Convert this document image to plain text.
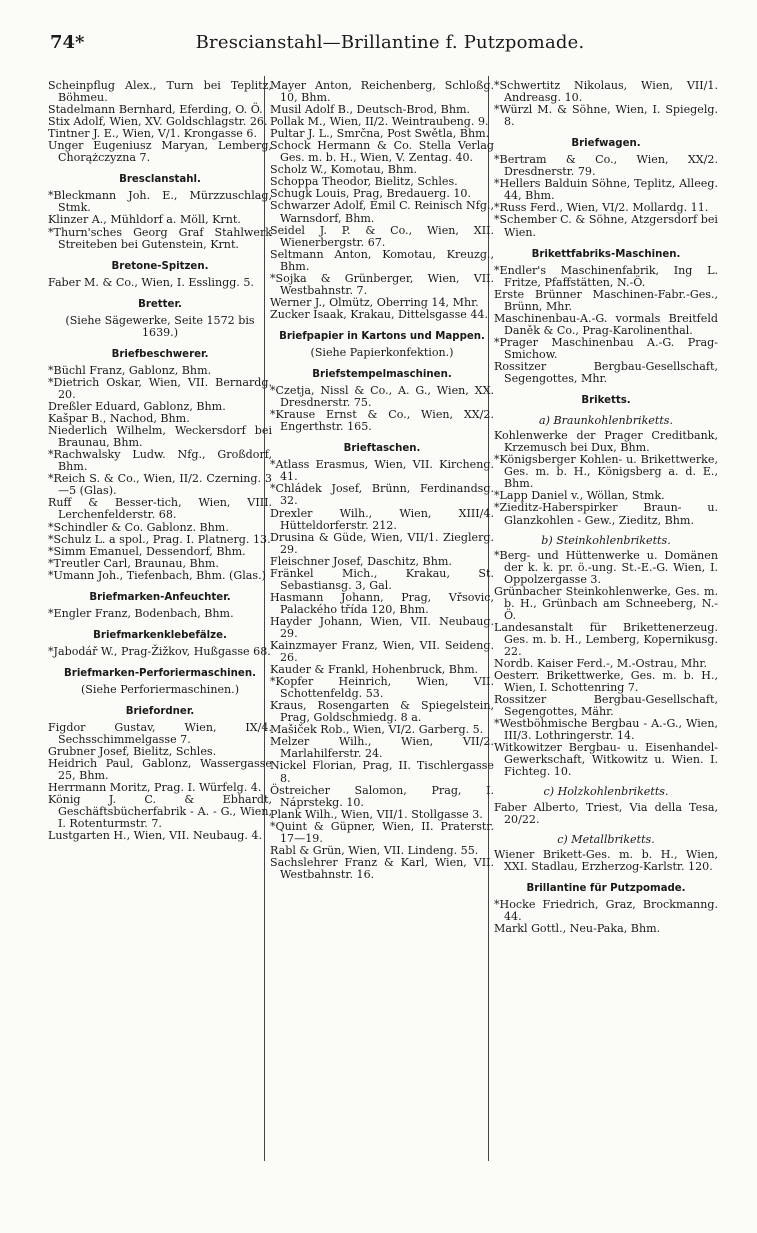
74*	Brescianstahl—Brillantine f. Putzpomade.
Scheinpflug Alex., Turn bei Teplitz, Böhmeu.
Stadelmann Bernhard, Eferding, O. Ö.
Stix Adolf, Wien, XV. Goldschlagstr. 26.
Tintner J. E., Wien, V/1. Krongasse 6.
Unger Eugeniusz Maryan, Lemberg, Chorążczyzna 7.
Bresclanstahl.
*Bleckmann Joh. E., Mürzzuschlag, Stmk.
Klinzer A., Mühldorf a. Möll, Krnt.
*Thurn'sches Georg Graf Stahlwerk Streiteben bei Gutenstein, Krnt.
Bretone-Spitzen.
Faber M. & Co., Wien, I. Esslingg. 5.
Bretter.
(Siehe Sägewerke, Seite 1572 bis 1639.)
Briefbeschwerer.
*Büchl Franz, Gablonz, Bhm.
*Dietrich Oskar, Wien, VII. Bernardg. 20.
Dreßler Eduard, Gablonz, Bhm.
Kašpar B., Nachod, Bhm.
Niederlich Wilhelm, Weckersdorf bei Braunau, Bhm.
*Rachwalsky Ludw. Nfg., Großdorf, Bhm.
*Reich S. & Co., Wien, II/2. Czerning. 3—5 (Glas).
Ruff & Besser-tich, Wien, VIII. Lerchenfelderstr. 68.
*Schindler & Co. Gablonz. Bhm.
*Schulz L. a spol., Prag. I. Platnerg. 13.
*Simm Emanuel, Dessendorf, Bhm.
*Treutler Carl, Braunau, Bhm.
*Umann Joh., Tiefenbach, Bhm. (Glas.)
Briefmarken-Anfeuchter.
*Engler Franz, Bodenbach, Bhm.
Briefmarkenklebefälze.
*Jabodář W., Prag-Žižkov, Hußgasse 68.
Briefmarken-Perforiermaschinen.
(Siehe Perforiermaschinen.)
Briefordner.
Figdor Gustav, Wien, IX/4. Sechsschimmelgasse 7.
Grubner Josef, Bielitz, Schles.
Heidrich Paul, Gablonz, Wassergasse 25, Bhm.
Herrmann Moritz, Prag. I. Würfelg. 4.
König J. C. & Ebhardt, Geschäftsbücherfabrik - A. - G., Wien, I. Rotenturmstr. 7.
Lustgarten H., Wien, VII. Neubaug. 4.
Mayer Anton, Reichenberg, Schloßg. 10, Bhm.
Musil Adolf B., Deutsch-Brod, Bhm.
Pollak M., Wien, II/2. Weintraubeng. 9.
Pultar J. L., Smrčna, Post Swětla, Bhm.
Schock Hermann & Co. Stella Verlag Ges. m. b. H., Wien, V. Zentag. 40.
Scholz W., Komotau, Bhm.
Schoppa Theodor, Bielitz, Schles.
Schugk Louis, Prag, Bredauerg. 10.
Schwarzer Adolf, Emil C. Reinisch Nfg., Warnsdorf, Bhm.
Seidel J. P. & Co., Wien, XII. Wienerbergstr. 67.
Seltmann Anton, Komotau, Kreuzg., Bhm.
*Sojka & Grünberger, Wien, VII. Westbahnstr. 7.
Werner J., Olmütz, Oberring 14, Mhr.
Zucker Isaak, Krakau, Dittelsgasse 44.
Briefpapier in Kartons und Mappen.
(Siehe Papierkonfektion.)
Briefstempelmaschinen.
*Czetja, Nissl & Co., A. G., Wien, XX. Dresdnerstr. 75.
*Krause Ernst & Co., Wien, XX/2. Engerthstr. 165.
Brieftaschen.
*Atlass Erasmus, Wien, VII. Kircheng. 41.
*Chládek Josef, Brünn, Ferdinandsg. 32.
Drexler Wilh., Wien, XIII/4. Hütteldorferstr. 212.
Drusina & Güde, Wien, VII/1. Zieglerg. 29.
Fleischner Josef, Daschitz, Bhm.
Fränkel Mich., Krakau, St. Sebastiansg. 3, Gal.
Hasmann Johann, Prag, Vřsovic, Palackého třída 120, Bhm.
Hayder Johann, Wien, VII. Neubaug. 29.
Kainzmayer Franz, Wien, VII. Seideng. 26.
Kauder & Frankl, Hohenbruck, Bhm.
*Kopfer Heinrich, Wien, VII. Schottenfeldg. 53.
Kraus, Rosengarten & Spiegelstein, Prag, Goldschmiedg. 8 a.
Mašiček Rob., Wien, VI/2. Garberg. 5.
Melzer Wilh., Wien, VII/2. Marlahilferstr. 24.
Nickel Florian, Prag, II. Tischlergasse 8.
Östreicher Salomon, Prag, I. Náprstekg. 10.
Plank Wilh., Wien, VII/1. Stollgasse 3.
*Quint & Güpner, Wien, II. Praterstr. 17—19.
Rabl & Grün, Wien, VII. Lindeng. 55.
Sachslehrer Franz & Karl, Wien, VII. Westbahnstr. 16.
*Schwertitz Nikolaus, Wien, VII/1. Andreasg. 10.
*Würzl M. & Söhne, Wien, I. Spiegelg. 8.
Briefwagen.
*Bertram & Co., Wien, XX/2. Dresdnerstr. 79.
*Hellers Balduin Söhne, Teplitz, Alleeg. 44, Bhm.
*Russ Ferd., Wien, VI/2. Mollardg. 11.
*Schember C. & Söhne, Atzgersdorf bei Wien.
Brikettfabriks-Maschinen.
*Endler's Maschinenfabrik, Ing L. Fritze, Pfaffstätten, N.-Ö.
Erste Brünner Maschinen-Fabr.-Ges., Brünn, Mhr.
Maschinenbau-A.-G. vormals Breitfeld Daněk & Co., Prag-Karolinenthal.
*Prager Maschinenbau A.-G. Prag-Smichow.
Rossitzer Bergbau-Gesellschaft, Segengottes, Mhr.
Briketts.
a) Braunkohlenbriketts.
Kohlenwerke der Prager Creditbank, Krzemusch bei Dux, Bhm.
*Königsberger Kohlen- u. Brikettwerke, Ges. m. b. H., Königsberg a. d. E., Bhm.
*Lapp Daniel v., Wöllan, Stmk.
*Zieditz-Haberspirker Braun- u. Glanzkohlen - Gew., Zieditz, Bhm.
b) Steinkohlenbriketts.
*Berg- und Hüttenwerke u. Domänen der k. k. pr. ö.-ung. St.-E.-G. Wien, I. Oppolzergasse 3.
Grünbacher Steinkohlenwerke, Ges. m. b. H., Grünbach am Schneeberg, N.-Ö.
Landesanstalt für Brikettenerzeug. Ges. m. b. H., Lemberg, Kopernikusg. 22.
Nordb. Kaiser Ferd.-, M.-Ostrau, Mhr.
Oesterr. Brikettwerke, Ges. m. b. H., Wien, I. Schottenring 7.
Rossitzer Bergbau-Gesellschaft, Segengottes, Mähr.
*Westböhmische Bergbau - A.-G., Wien, III/3. Lothringerstr. 14.
Witkowitzer Bergbau- u. Eisenhandel-Gewerkschaft, Witkowitz u. Wien. I. Fichteg. 10.
c) Holzkohlenbriketts.
Faber Alberto, Triest, Via della Tesa, 20/22.
c) Metallbriketts.
Wiener Brikett-Ges. m. b. H., Wien, XXI. Stadlau, Erzherzog-Karlstr. 120.
Brillantine für Putzpomade.
*Hocke Friedrich, Graz, Brockmanng. 44.
Markl Gottl., Neu-Paka, Bhm.
